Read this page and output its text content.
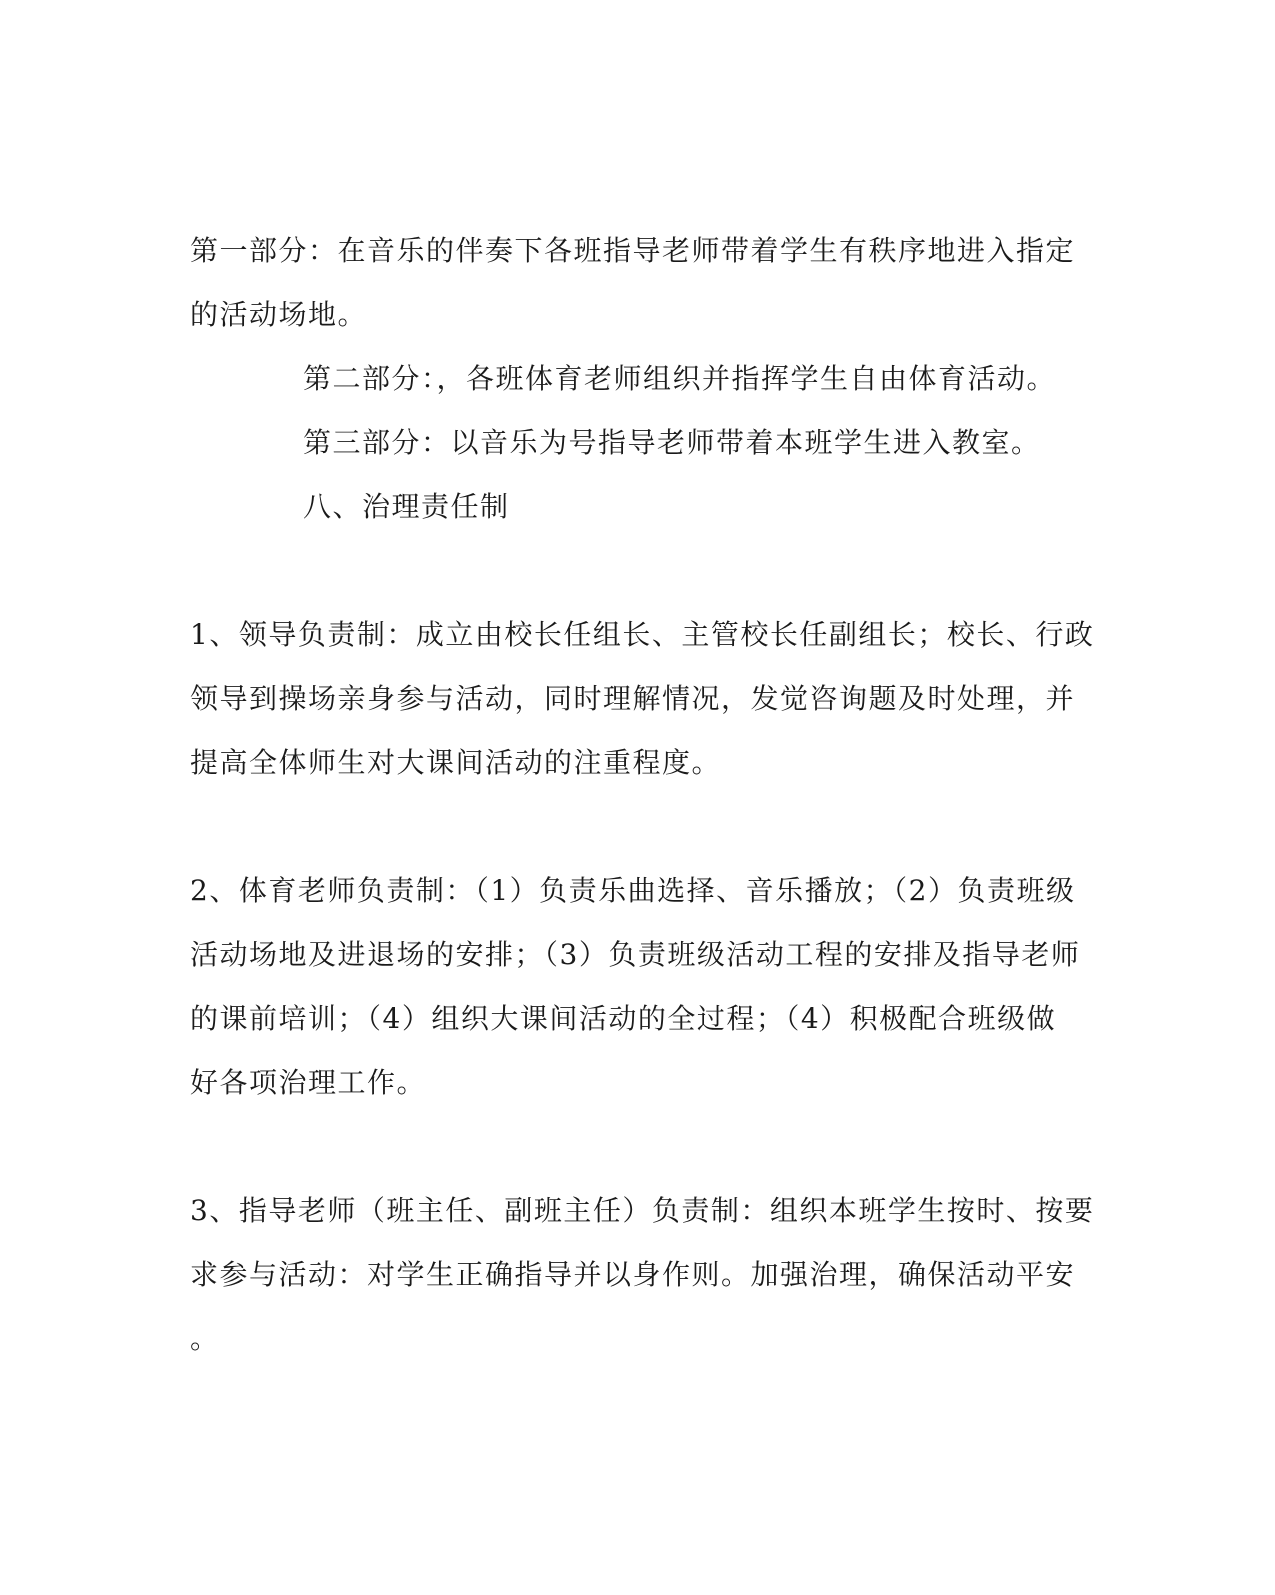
第一部分：在音乐的伴奏下各班指导老师带着学生有秩序地进入指定
的活动场地。
第二部分：，各班体育老师组织并指挥学生自由体育活动。
第三部分：以音乐为号指导老师带着本班学生进入教室。
八、治理责任制
1、领导负责制：成立由校长任组长、主管校长任副组长；校长、行政
领导到操场亲身参与活动，同时理解情况，发觉咨询题及时处理，并
提高全体师生对大课间活动的注重程度。
2、体育老师负责制：（1）负责乐曲选择、音乐播放；（2）负责班级
活动场地及进退场的安排；（3）负责班级活动工程的安排及指导老师
的课前培训；（4）组织大课间活动的全过程；（4）积极配合班级做
好各项治理工作。
3、指导老师（班主任、副班主任）负责制：组织本班学生按时、按要
求参与活动：对学生正确指导并以身作则。加强治理，确保活动平安
。
